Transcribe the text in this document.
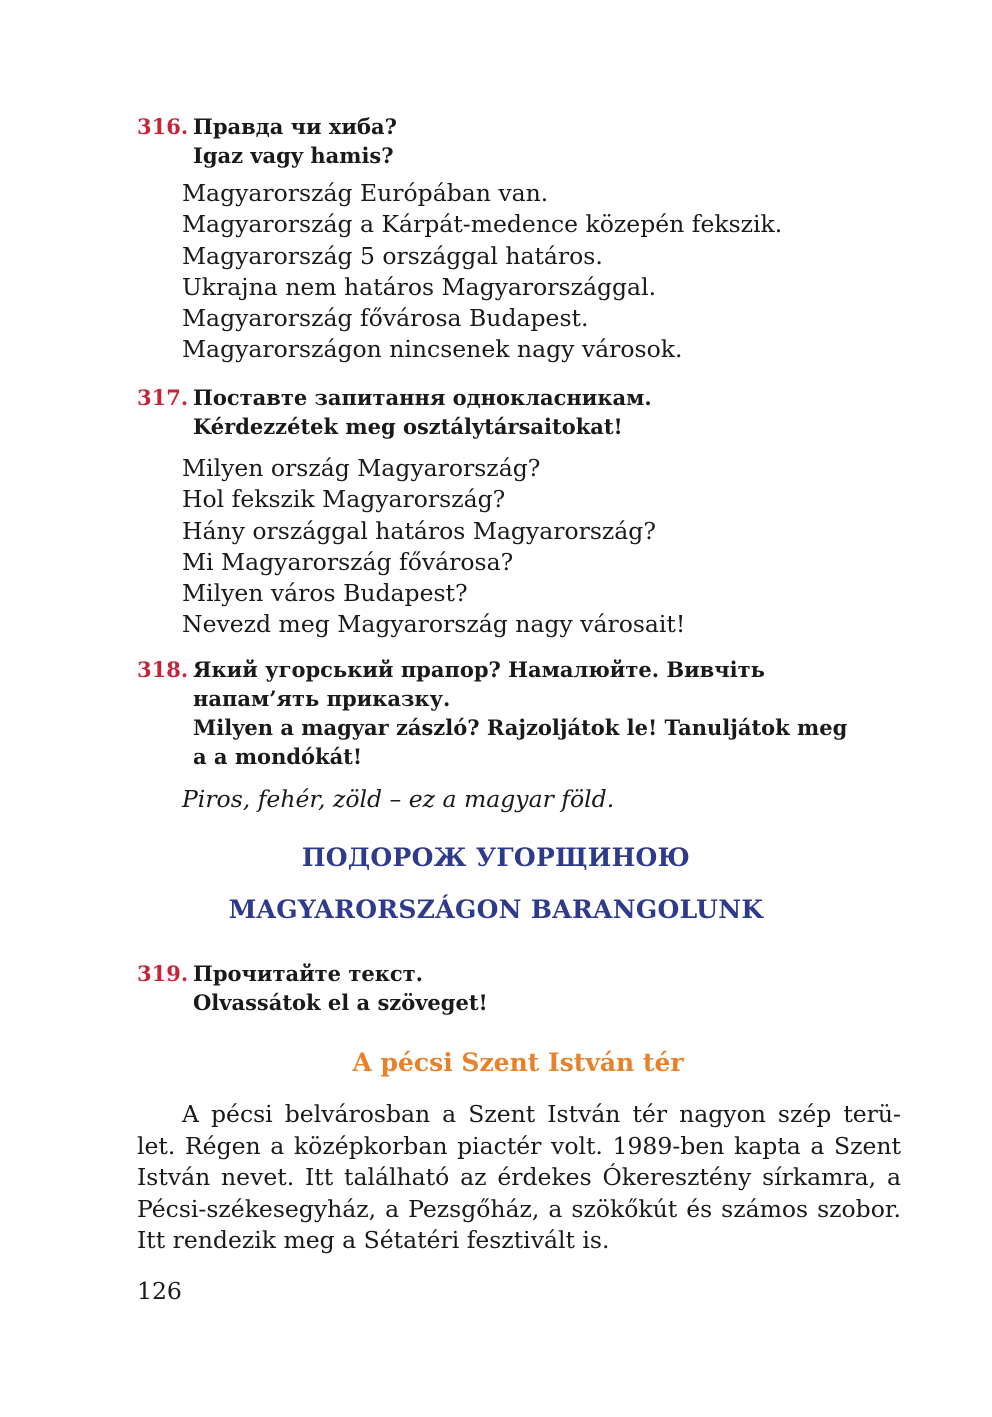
316. Правда чи хиба?
Igaz vagy hamis?
Magyarország Európában van.
Magyarország a Kárpát-medence közepén fekszik.
Magyarország 5 országgal határos.
Ukrajna nem határos Magyarországgal.
Magyarország fővárosa Budapest.
Magyarországon nincsenek nagy városok.
317. Поставте запитання однокласникам.
Kérdezzétek meg osztálytársaitokat!
Milyen ország Magyarország?
Hol fekszik Magyarország?
Hány országgal határos Magyarország?
Mi Magyarország fővárosa?
Milyen város Budapest?
Nevezd meg Magyarország nagy városait!
318. Який угорський прапор? Намалюйте. Вивчіть
напам’ять приказку.
Milyen a magyar zászló? Rajzoljátok le! Tanuljátok meg
a a mondókát!
Piros, fehér, zöld – ez a magyar föld.
ПОДОРОЖ УГОРЩИНОЮ
MAGYARORSZÁGON BARANGOLUNK
319. Прочитайте текст.
Olvassátok el a szöveget!
A pécsi Szent István tér
A pécsi belvárosban a Szent István tér nagyon szép terü-
let. Régen a középkorban piactér volt. 1989-ben kapta a Szent
István nevet. Itt található az érdekes Ókeresztény sírkamra, a
Pécsi-székesegyház, a Pezsgőház, a szökőkút és számos szobor.
Itt rendezik meg a Sétatéri fesztivált is.
126
